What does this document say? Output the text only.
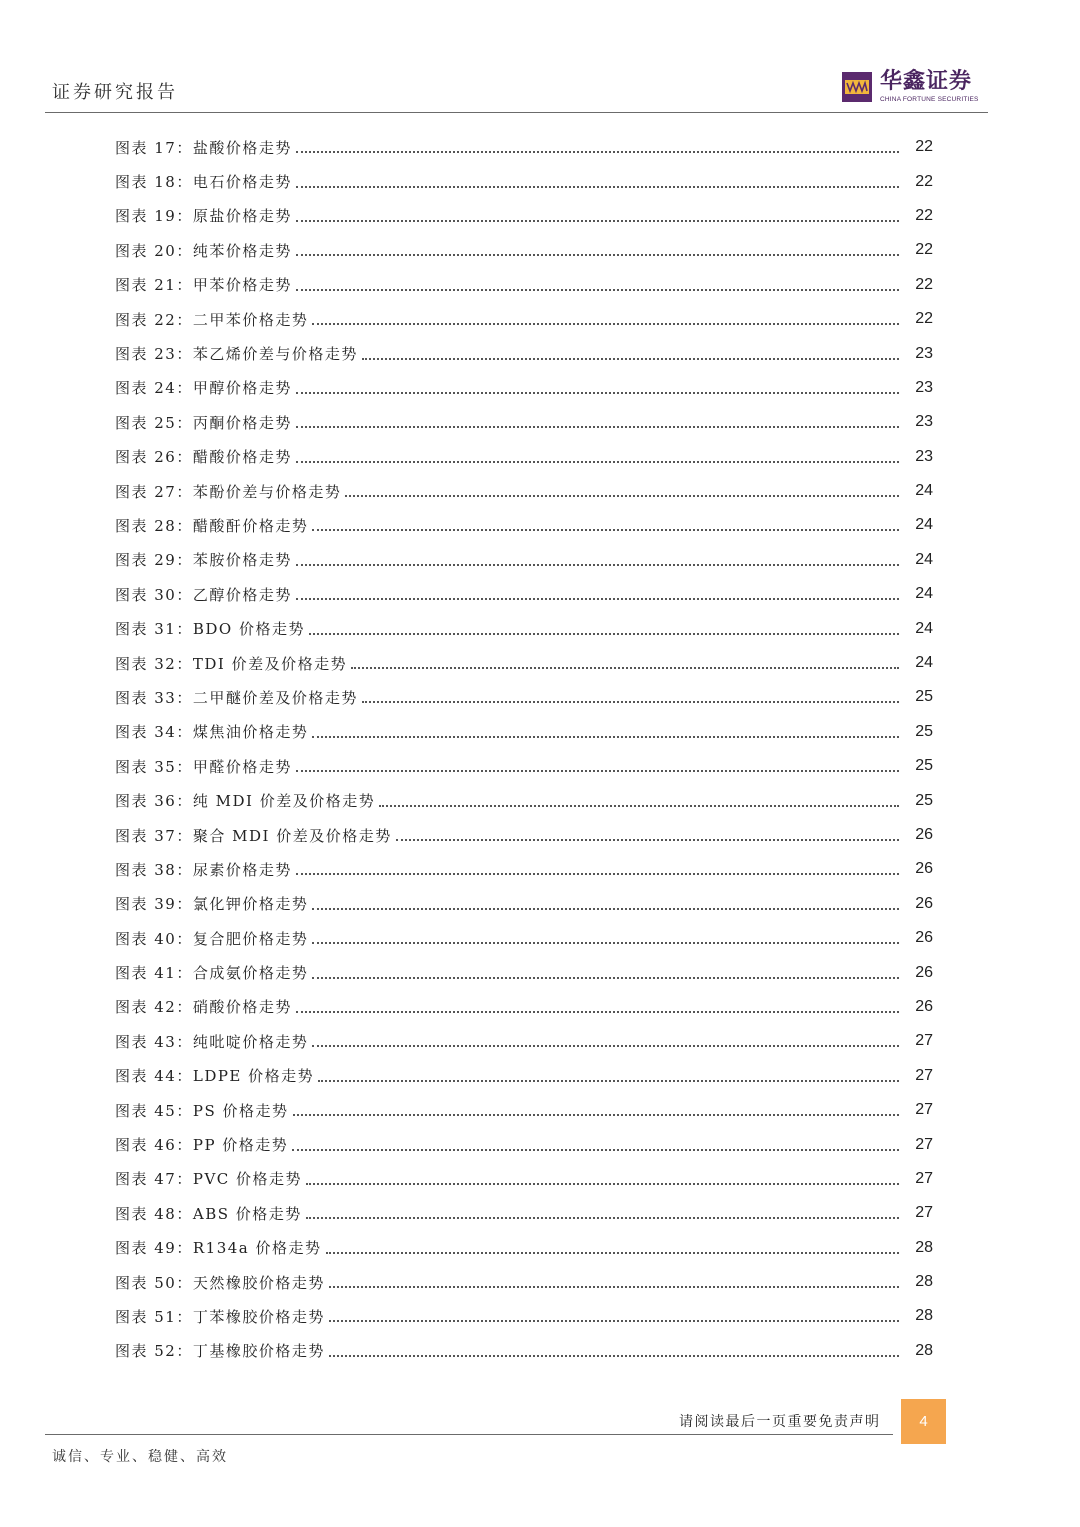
证券研究报告	华鑫证券
CHINA FORTUNE SECURITIES
图表 17：盐酸价格走势	22
图表 18：电石价格走势	22
图表 19：原盐价格走势	22
图表 20：纯苯价格走势	22
图表 21：甲苯价格走势	22
图表 22：二甲苯价格走势	22
图表 23：苯乙烯价差与价格走势	23
图表 24：甲醇价格走势	23
图表 25：丙酮价格走势	23
图表 26：醋酸价格走势	23
图表 27：苯酚价差与价格走势	24
图表 28：醋酸酐价格走势	24
图表 29：苯胺价格走势	24
图表 30：乙醇价格走势	24
图表 31：BDO 价格走势	24
图表 32：TDI 价差及价格走势	24
图表 33：二甲醚价差及价格走势	25
图表 34：煤焦油价格走势	25
图表 35：甲醛价格走势	25
图表 36：纯 MDI 价差及价格走势	25
图表 37：聚合 MDI 价差及价格走势	26
图表 38：尿素价格走势	26
图表 39：氯化钾价格走势	26
图表 40：复合肥价格走势	26
图表 41：合成氨价格走势	26
图表 42：硝酸价格走势	26
图表 43：纯吡啶价格走势	27
图表 44：LDPE 价格走势	27
图表 45：PS 价格走势	27
图表 46：PP 价格走势	27
图表 47：PVC 价格走势	27
图表 48：ABS 价格走势	27
图表 49：R134a 价格走势	28
图表 50：天然橡胶价格走势	28
图表 51：丁苯橡胶价格走势	28
图表 52：丁基橡胶价格走势	28
请阅读最后一页重要免责声明	4
诚信、专业、稳健、高效
